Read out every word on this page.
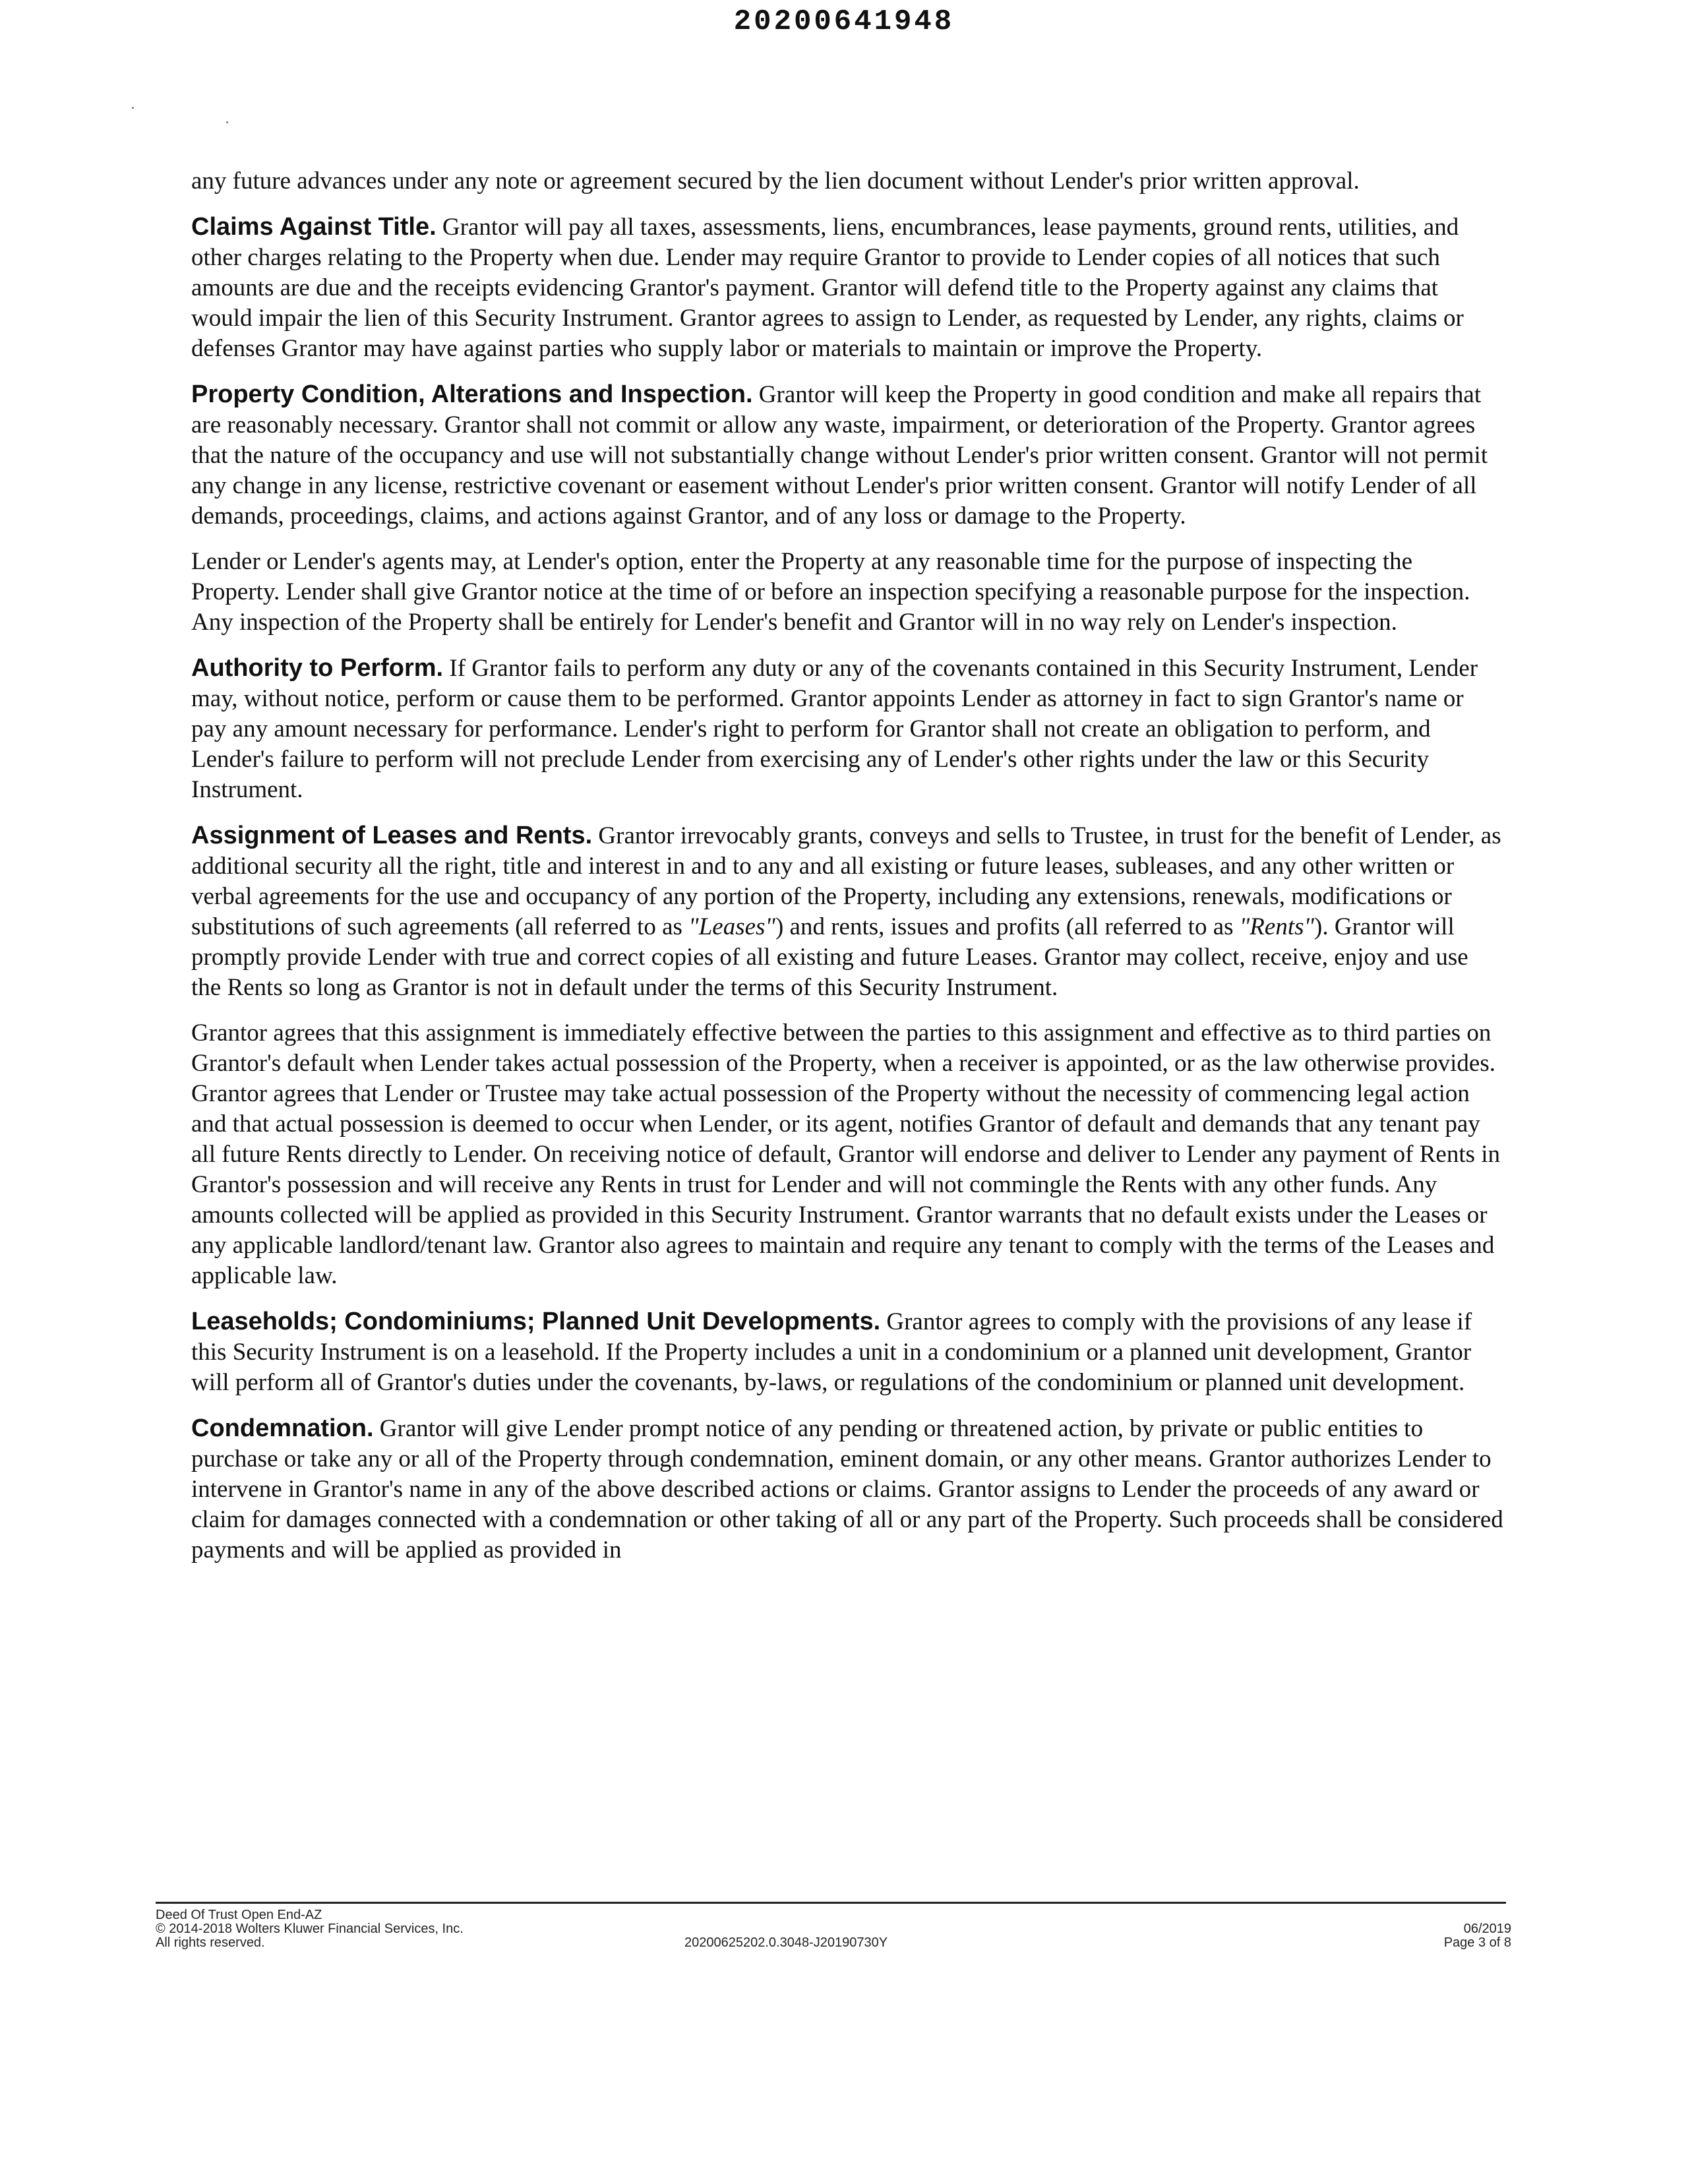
20200641948

any future advances under any note or agreement secured by the lien document without Lender's prior written approval.

Claims Against Title. Grantor will pay all taxes, assessments, liens, encumbrances, lease payments, ground rents, utilities, and other charges relating to the Property when due. Lender may require Grantor to provide to Lender copies of all notices that such amounts are due and the receipts evidencing Grantor's payment. Grantor will defend title to the Property against any claims that would impair the lien of this Security Instrument. Grantor agrees to assign to Lender, as requested by Lender, any rights, claims or defenses Grantor may have against parties who supply labor or materials to maintain or improve the Property.

Property Condition, Alterations and Inspection. Grantor will keep the Property in good condition and make all repairs that are reasonably necessary. Grantor shall not commit or allow any waste, impairment, or deterioration of the Property. Grantor agrees that the nature of the occupancy and use will not substantially change without Lender's prior written consent. Grantor will not permit any change in any license, restrictive covenant or easement without Lender's prior written consent. Grantor will notify Lender of all demands, proceedings, claims, and actions against Grantor, and of any loss or damage to the Property.

Lender or Lender's agents may, at Lender's option, enter the Property at any reasonable time for the purpose of inspecting the Property. Lender shall give Grantor notice at the time of or before an inspection specifying a reasonable purpose for the inspection. Any inspection of the Property shall be entirely for Lender's benefit and Grantor will in no way rely on Lender's inspection.

Authority to Perform. If Grantor fails to perform any duty or any of the covenants contained in this Security Instrument, Lender may, without notice, perform or cause them to be performed. Grantor appoints Lender as attorney in fact to sign Grantor's name or pay any amount necessary for performance. Lender's right to perform for Grantor shall not create an obligation to perform, and Lender's failure to perform will not preclude Lender from exercising any of Lender's other rights under the law or this Security Instrument.

Assignment of Leases and Rents. Grantor irrevocably grants, conveys and sells to Trustee, in trust for the benefit of Lender, as additional security all the right, title and interest in and to any and all existing or future leases, subleases, and any other written or verbal agreements for the use and occupancy of any portion of the Property, including any extensions, renewals, modifications or substitutions of such agreements (all referred to as "Leases") and rents, issues and profits (all referred to as "Rents"). Grantor will promptly provide Lender with true and correct copies of all existing and future Leases. Grantor may collect, receive, enjoy and use the Rents so long as Grantor is not in default under the terms of this Security Instrument.

Grantor agrees that this assignment is immediately effective between the parties to this assignment and effective as to third parties on Grantor's default when Lender takes actual possession of the Property, when a receiver is appointed, or as the law otherwise provides. Grantor agrees that Lender or Trustee may take actual possession of the Property without the necessity of commencing legal action and that actual possession is deemed to occur when Lender, or its agent, notifies Grantor of default and demands that any tenant pay all future Rents directly to Lender. On receiving notice of default, Grantor will endorse and deliver to Lender any payment of Rents in Grantor's possession and will receive any Rents in trust for Lender and will not commingle the Rents with any other funds. Any amounts collected will be applied as provided in this Security Instrument. Grantor warrants that no default exists under the Leases or any applicable landlord/tenant law. Grantor also agrees to maintain and require any tenant to comply with the terms of the Leases and applicable law.

Leaseholds; Condominiums; Planned Unit Developments. Grantor agrees to comply with the provisions of any lease if this Security Instrument is on a leasehold. If the Property includes a unit in a condominium or a planned unit development, Grantor will perform all of Grantor's duties under the covenants, by-laws, or regulations of the condominium or planned unit development.

Condemnation. Grantor will give Lender prompt notice of any pending or threatened action, by private or public entities to purchase or take any or all of the Property through condemnation, eminent domain, or any other means. Grantor authorizes Lender to intervene in Grantor's name in any of the above described actions or claims. Grantor assigns to Lender the proceeds of any award or claim for damages connected with a condemnation or other taking of all or any part of the Property. Such proceeds shall be considered payments and will be applied as provided in

Deed Of Trust Open End-AZ
© 2014-2018 Wolters Kluwer Financial Services, Inc.
All rights reserved.	20200625202.0.3048-J20190730Y
06/2019
Page 3 of 8
